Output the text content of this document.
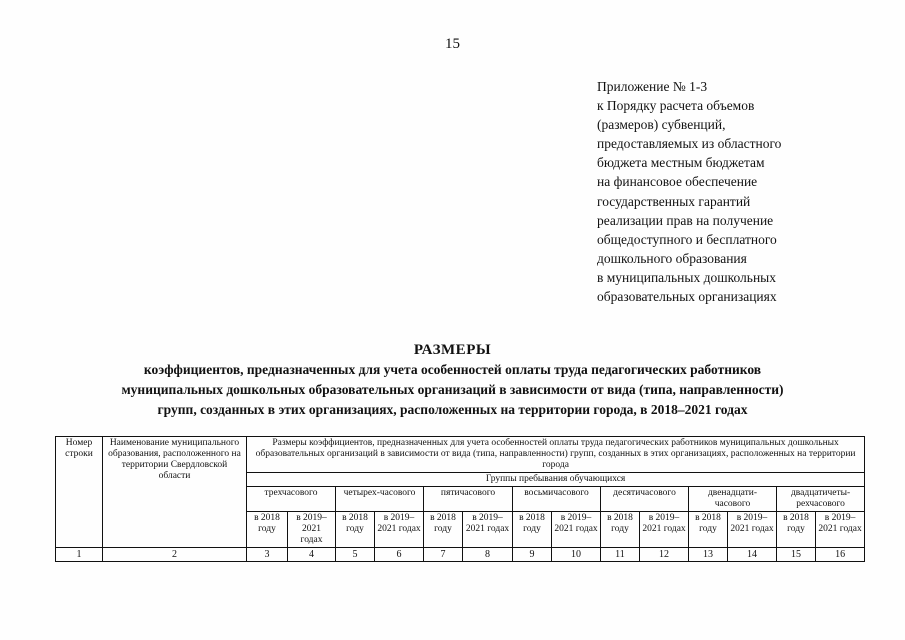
15
Приложение № 1-3
к Порядку расчета объемов
(размеров) субвенций,
предоставляемых из областного
бюджета местным бюджетам
на финансовое обеспечение
государственных гарантий
реализации прав на получение
общедоступного и бесплатного
дошкольного образования
в муниципальных дошкольных
образовательных организациях
РАЗМЕРЫ
коэффициентов, предназначенных для учета особенностей оплаты труда педагогических работников
муниципальных дошкольных образовательных организаций в зависимости от вида (типа, направленности)
групп, созданных в этих организациях, расположенных на территории города, в 2018–2021 годах
Номер строки	Наименование муниципального образования, расположенного на территории Свердловской области	Размеры коэффициентов, предназначенных для учета особенностей оплаты труда педагогических работников муниципальных дошкольных образовательных организаций в зависимости от вида (типа, направленности) групп, созданных в этих организациях, расположенных на территории города													
		Группы пребывания обучающихся													
		трехчасового		четырех-часового		пятичасового		восьмичасового		десятичасового		двенадцати-часового		двадцатичеты-рехчасового	
		в 2018 году	в 2019–2021 годах	в 2018 году	в 2019–2021 годах	в 2018 году	в 2019–2021 годах	в 2018 году	в 2019–2021 годах	в 2018 году	в 2019–2021 годах	в 2018 году	в 2019–2021 годах	в 2018 году	в 2019–2021 годах
1	2	3	4	5	6	7	8	9	10	11	12	13	14	15	16
